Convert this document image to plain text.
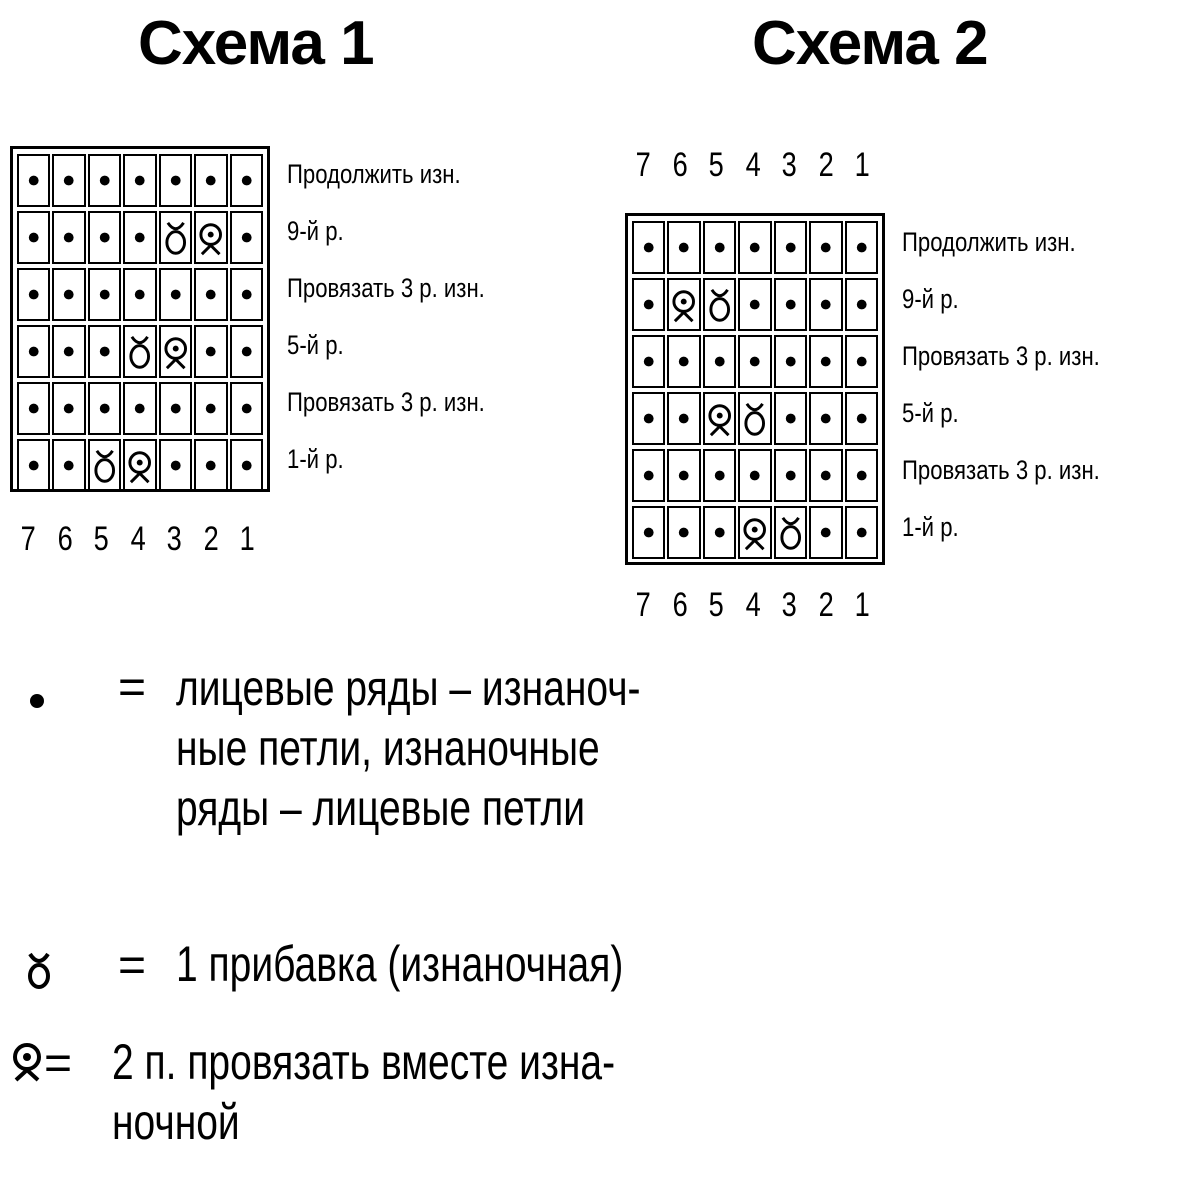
Схема 1	Схема 2
Продолжить изн.
9-й р.
Провязать 3 р. изн.
5-й р.
Провязать 3 р. изн.
1-й р.
Продолжить изн.
9-й р.
Провязать 3 р. изн.
5-й р.
Провязать 3 р. изн.
1-й р.
7 6 5 4 3 2 1
7 6 5 4 3 2 1
7 6 5 4 3 2 1
= лицевые ряды – изнаноч-
ные петли, изнаночные
ряды – лицевые петли
= 1 прибавка (изнаночная)
= 2 п. провязать вместе изна-
ночной
